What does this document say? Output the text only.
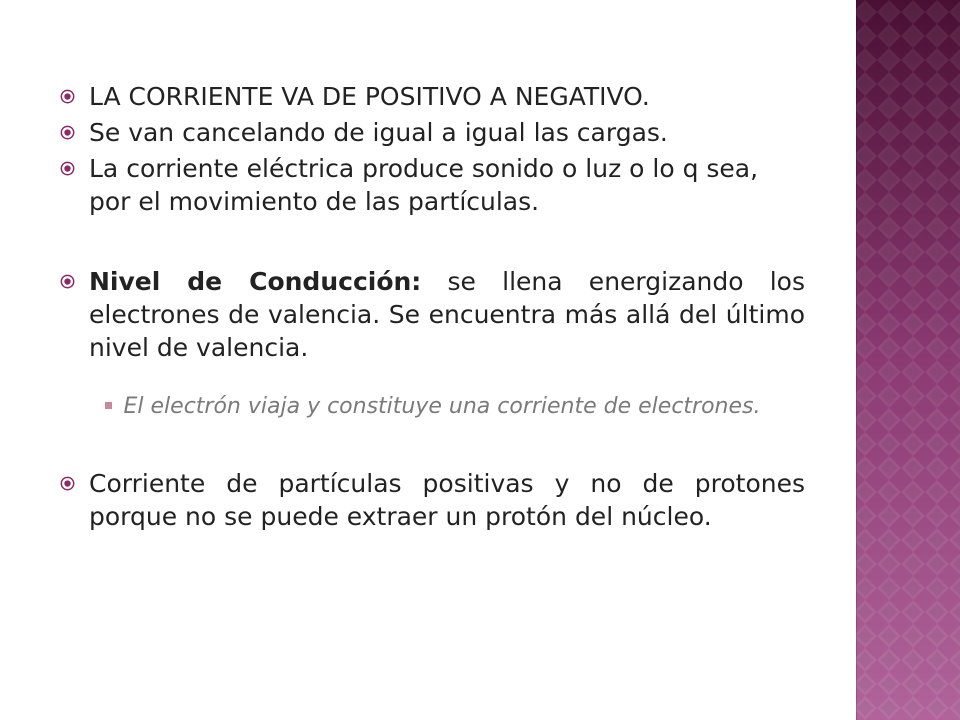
LA CORRIENTE VA DE POSITIVO A NEGATIVO.
Se van cancelando de igual a igual las cargas.
La corriente eléctrica produce sonido o luz o lo q sea, por el movimiento de las partículas.
Nivel de Conducción: se llena energizando los electrones de valencia. Se encuentra más allá del último nivel de valencia.

El electrón viaja y constituye una corriente de electrones.

Corriente de partículas positivas y no de protones porque no se puede extraer un protón del núcleo.
